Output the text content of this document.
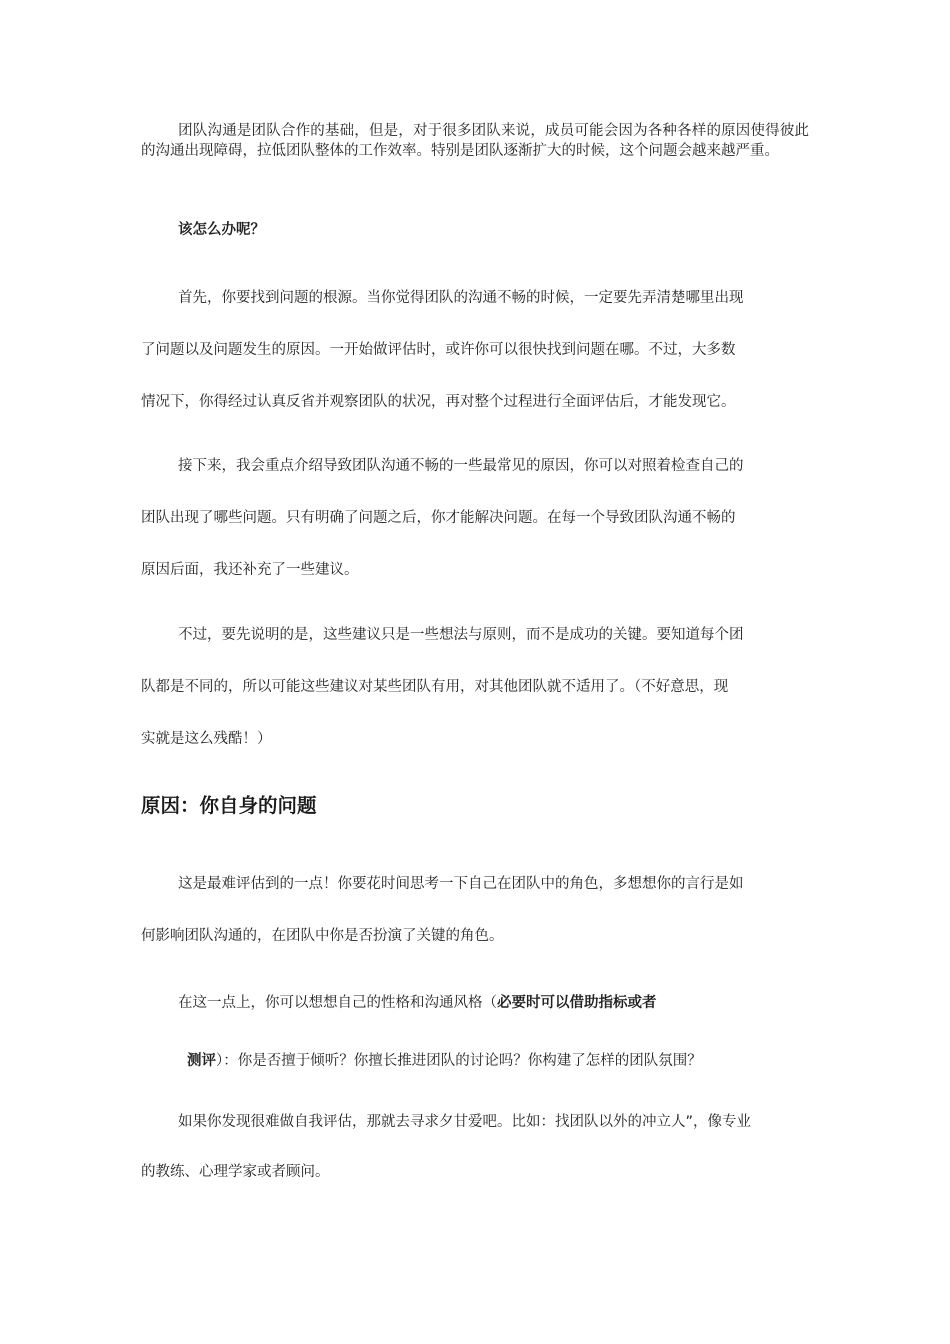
团队沟通是团队合作的基础，但是，对于很多团队来说，成员可能会因为各种各样的原因使得彼此的沟通出现障碍，拉低团队整体的工作效率。特别是团队逐渐扩大的时候，这个问题会越来越严重。

该怎么办呢？

首先，你要找到问题的根源。当你觉得团队的沟通不畅的时候，一定要先弄清楚哪里出现
了问题以及问题发生的原因。一开始做评估时，或许你可以很快找到问题在哪。不过，大多数
情况下，你得经过认真反省并观察团队的状况，再对整个过程进行全面评估后，才能发现它。
接下来，我会重点介绍导致团队沟通不畅的一些最常见的原因，你可以对照着检查自己的
团队出现了哪些问题。只有明确了问题之后，你才能解决问题。在每一个导致团队沟通不畅的
原因后面，我还补充了一些建议。
不过，要先说明的是，这些建议只是一些想法与原则，而不是成功的关键。要知道每个团
队都是不同的，所以可能这些建议对某些团队有用，对其他团队就不适用了。（不好意思，现
实就是这么残酷！）
原因：你自身的问题
这是最难评估到的一点！你要花时间思考一下自己在团队中的角色，多想想你的言行是如
何影响团队沟通的，在团队中你是否扮演了关键的角色。
在这一点上，你可以想想自己的性格和沟通风格（必要时可以借助指标或者
测评）：你是否擅于倾听？你擅长推进团队的讨论吗？你构建了怎样的团队氛围？
如果你发现很难做自我评估，那就去寻求夕甘爱吧。比如：找团队以外的冲立人”，像专业
的教练、心理学家或者顾问。
